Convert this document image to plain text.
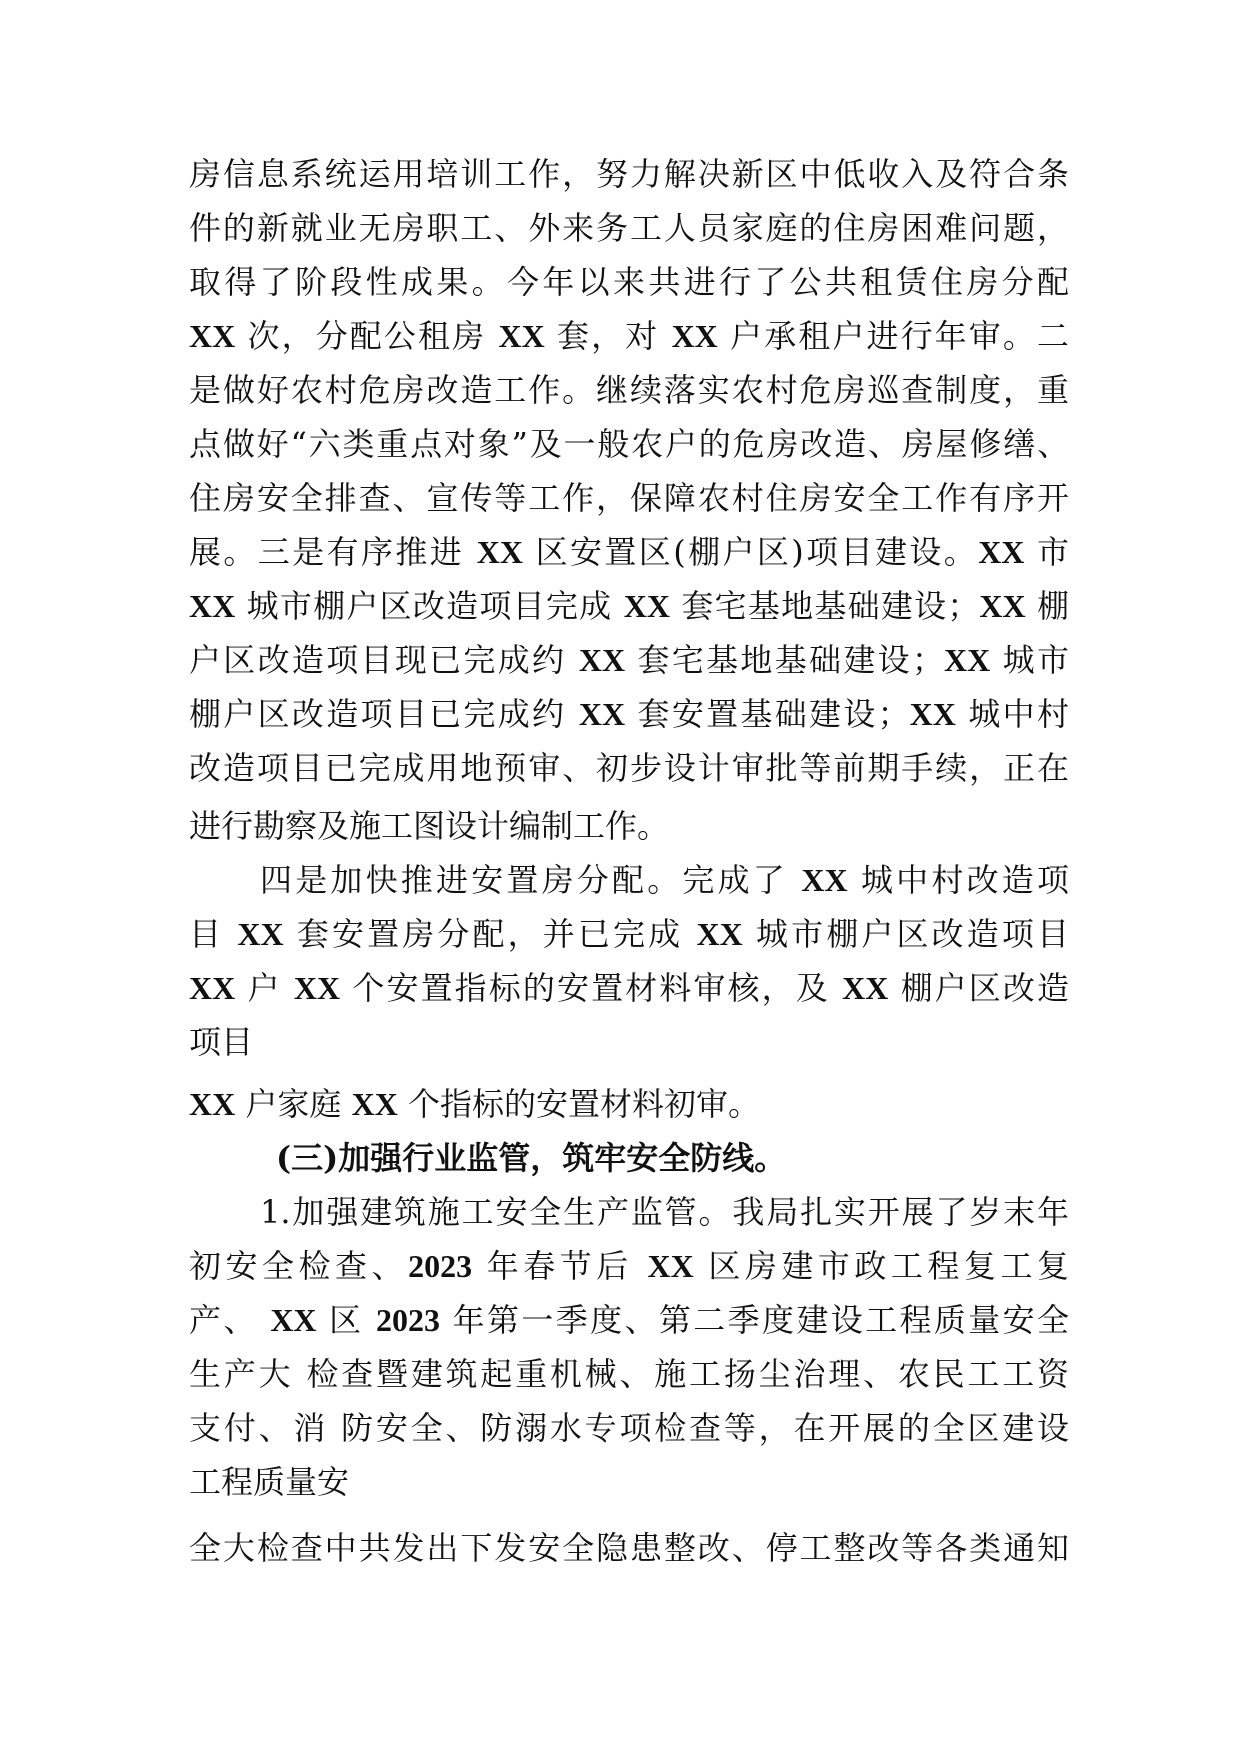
房信息系统运用培训工作，努力解决新区中低收入及符合条
件的新就业无房职工、外来务工人员家庭的住房困难问题，
取得了阶段性成果。今年以来共进行了公共租赁住房分配
XX 次，分配公租房 XX 套，对 XX 户承租户进行年审。二
是做好农村危房改造工作。继续落实农村危房巡查制度，重
点做好“六类重点对象”及一般农户的危房改造、房屋修缮、
住房安全排查、宣传等工作，保障农村住房安全工作有序开
展。三是有序推进 XX 区安置区(棚户区)项目建设。XX 市
XX 城市棚户区改造项目完成 XX 套宅基地基础建设；XX 棚
户区改造项目现已完成约 XX 套宅基地基础建设；XX 城市
棚户区改造项目已完成约 XX 套安置基础建设；XX 城中村
改造项目已完成用地预审、初步设计审批等前期手续，正在
进行勘察及施工图设计编制工作。
四是加快推进安置房分配。完成了 XX 城中村改造项
目 XX 套安置房分配，并已完成 XX 城市棚户区改造项目
XX 户 XX 个安置指标的安置材料审核，及 XX 棚户区改造
项目
XX 户家庭 XX 个指标的安置材料初审。
(三)加强行业监管，筑牢安全防线。
1.加强建筑施工安全生产监管。我局扎实开展了岁末年
初安全检查、2023 年春节后 XX 区房建市政工程复工复
产、 XX 区 2023 年第一季度、第二季度建设工程质量安全
生产大 检查暨建筑起重机械、施工扬尘治理、农民工工资
支付、消 防安全、防溺水专项检查等，在开展的全区建设
工程质量安
全大检查中共发出下发安全隐患整改、停工整改等各类通知
